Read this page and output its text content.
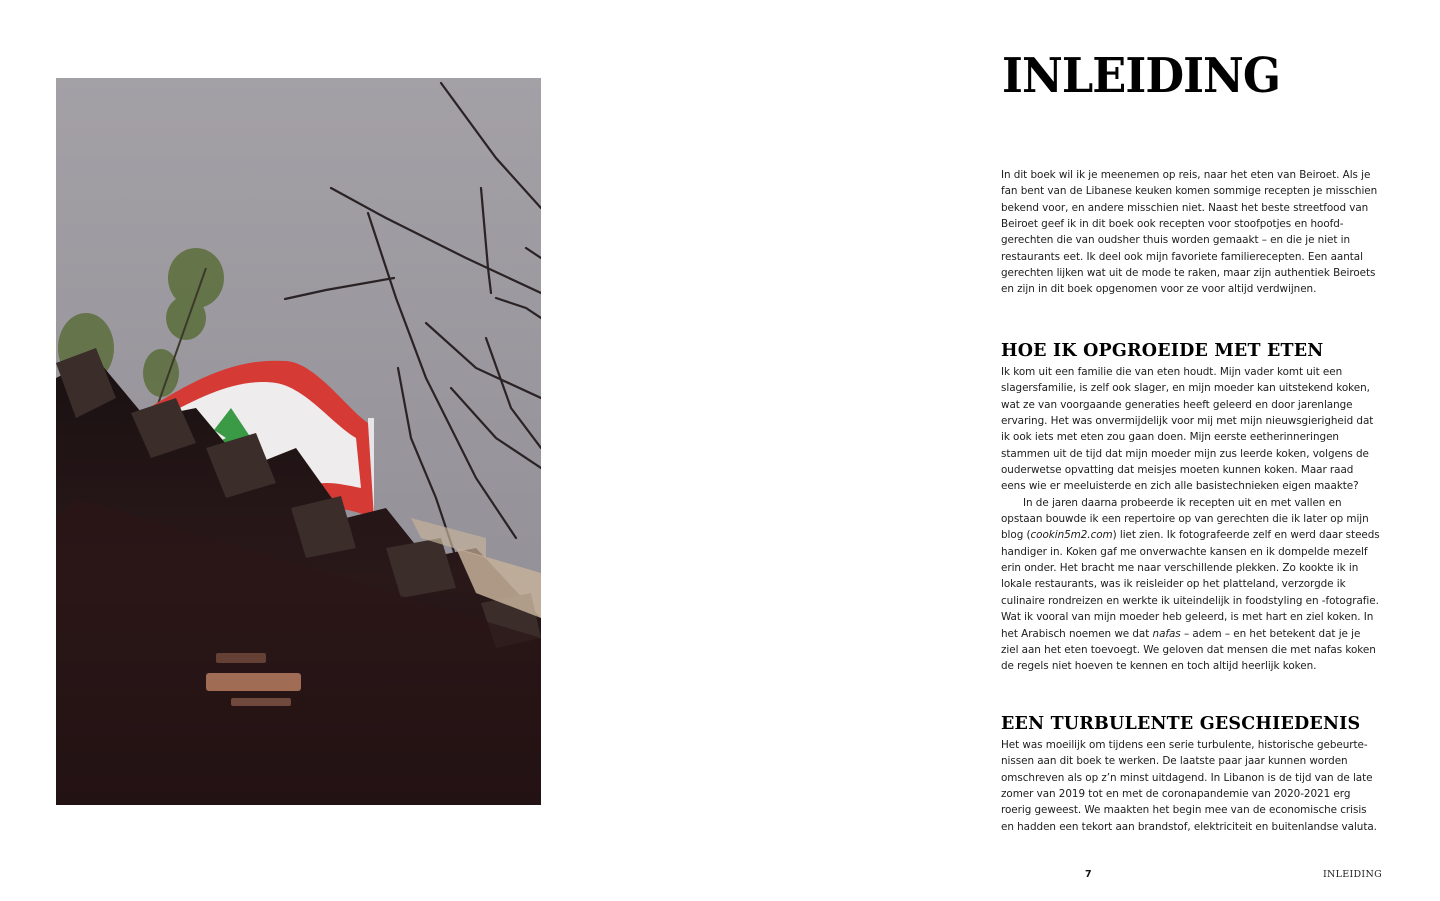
INLEIDING

In dit boek wil ik je meenemen op reis, naar het eten van Beiroet. Als je
fan bent van de Libanese keuken komen sommige recepten je misschien
bekend voor, en andere misschien niet. Naast het beste streetfood van
Beiroet geef ik in dit boek ook recepten voor stoofpotjes en hoofd-
gerechten die van oudsher thuis worden gemaakt – en die je niet in
restaurants eet. Ik deel ook mijn favoriete familierecepten. Een aantal
gerechten lijken wat uit de mode te raken, maar zijn authentiek Beiroets
en zijn in dit boek opgenomen voor ze voor altijd verdwijnen.

HOE IK OPGROEIDE MET ETEN

Ik kom uit een familie die van eten houdt. Mijn vader komt uit een
slagersfamilie, is zelf ook slager, en mijn moeder kan uitstekend koken,
wat ze van voorgaande generaties heeft geleerd en door jarenlange
ervaring. Het was onvermijdelijk voor mij met mijn nieuwsgierigheid dat
ik ook iets met eten zou gaan doen. Mijn eerste eetherinneringen
stammen uit de tijd dat mijn moeder mijn zus leerde koken, volgens de
ouderwetse opvatting dat meisjes moeten kunnen koken. Maar raad
eens wie er meeluisterde en zich alle basistechnieken eigen maakte?
In de jaren daarna probeerde ik recepten uit en met vallen en
opstaan bouwde ik een repertoire op van gerechten die ik later op mijn
blog (cookin5m2.com) liet zien. Ik fotografeerde zelf en werd daar steeds
handiger in. Koken gaf me onverwachte kansen en ik dompelde mezelf
erin onder. Het bracht me naar verschillende plekken. Zo kookte ik in
lokale restaurants, was ik reisleider op het platteland, verzorgde ik
culinaire rondreizen en werkte ik uiteindelijk in foodstyling en -fotografie.
Wat ik vooral van mijn moeder heb geleerd, is met hart en ziel koken. In
het Arabisch noemen we dat nafas – adem – en het betekent dat je je
ziel aan het eten toevoegt. We geloven dat mensen die met nafas koken
de regels niet hoeven te kennen en toch altijd heerlijk koken.

EEN TURBULENTE GESCHIEDENIS

Het was moeilijk om tijdens een serie turbulente, historische gebeurte-
nissen aan dit boek te werken. De laatste paar jaar kunnen worden
omschreven als op z’n minst uitdagend. In Libanon is de tijd van de late
zomer van 2019 tot en met de coronapandemie van 2020-2021 erg
roerig geweest. We maakten het begin mee van de economische crisis
en hadden een tekort aan brandstof, elektriciteit en buitenlandse valuta.

7	INLEIDING
